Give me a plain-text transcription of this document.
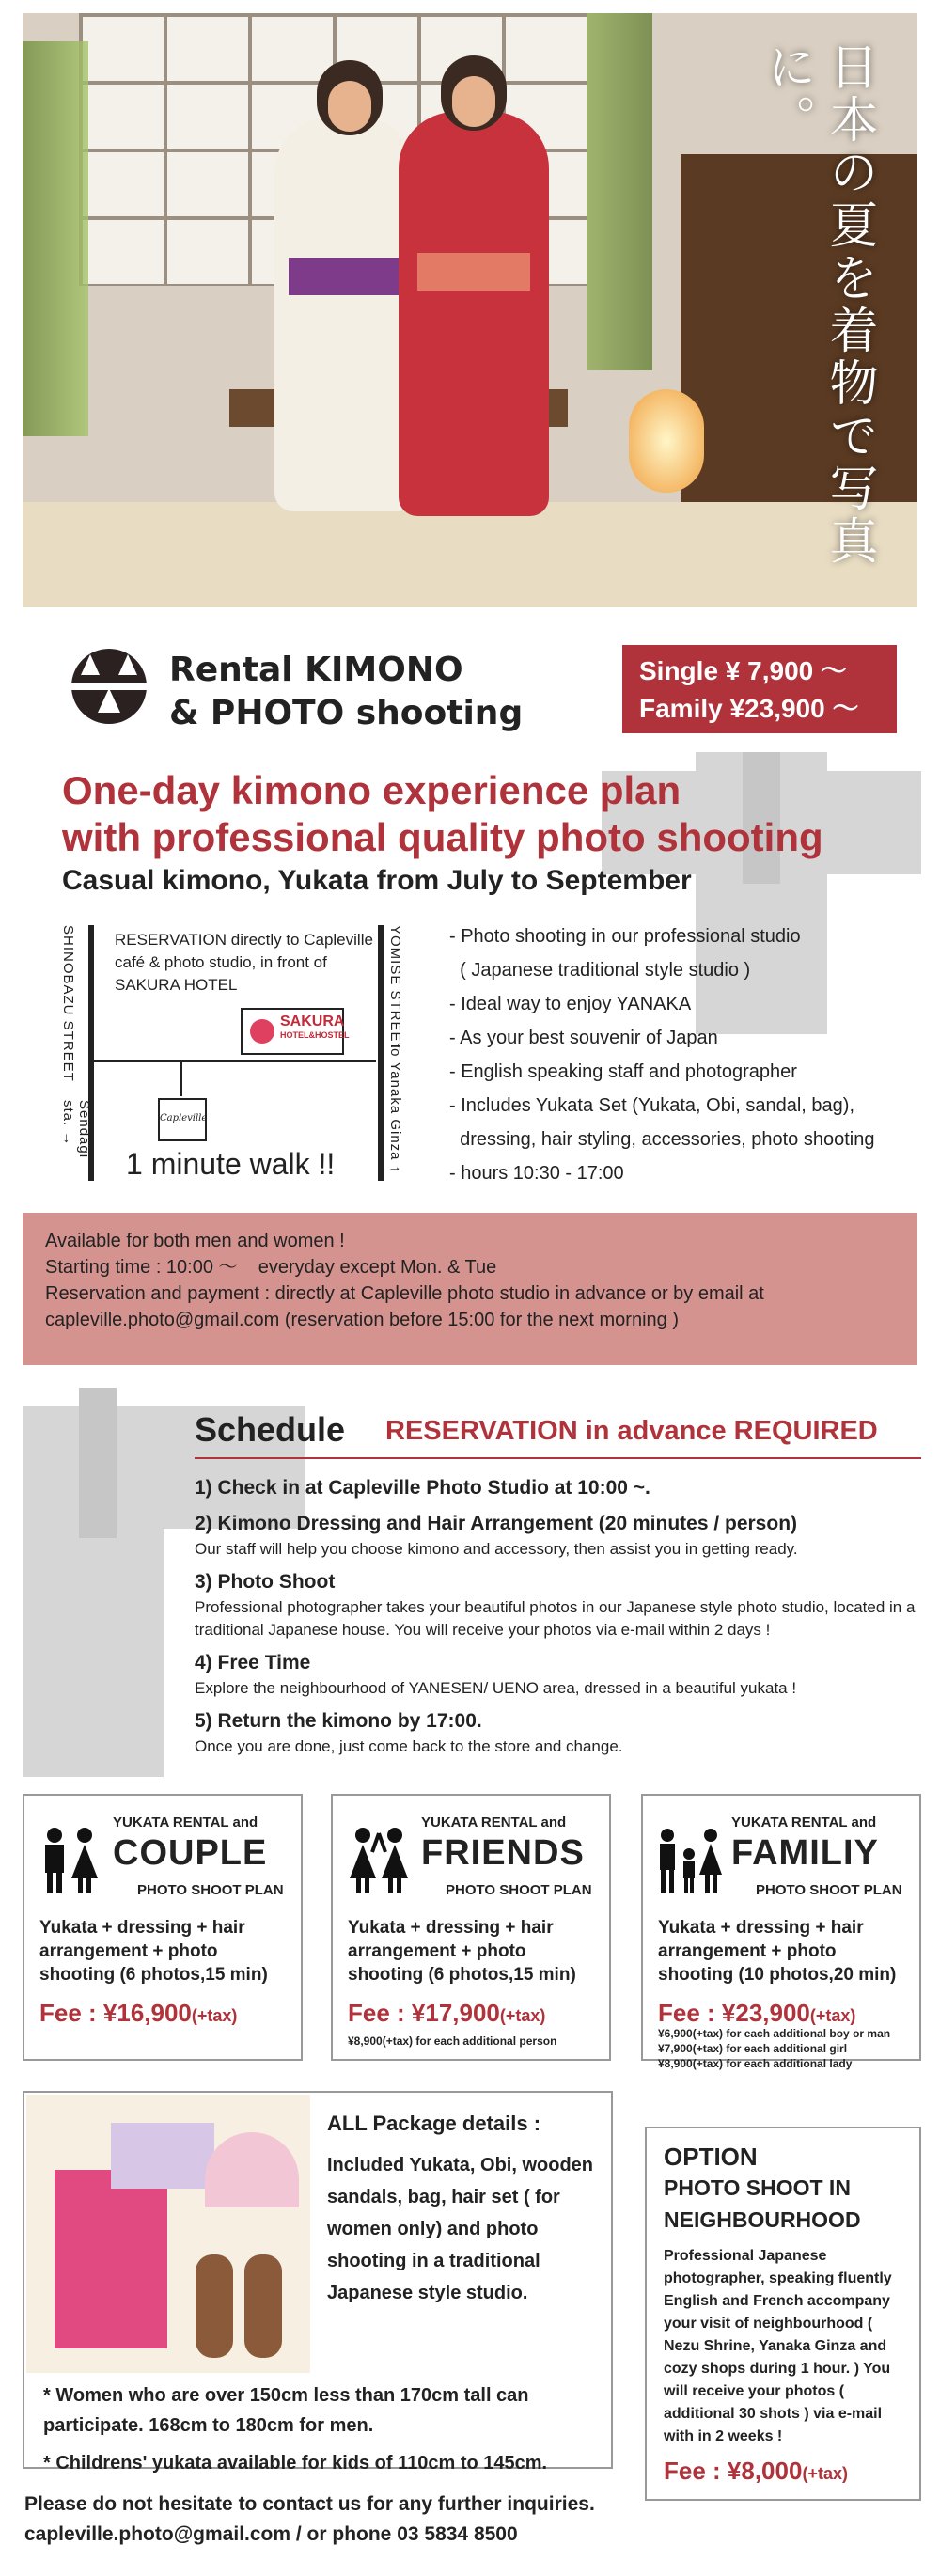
日本の夏を着物で写真に。
Rental KIMONO
& PHOTO shooting
Single ¥ 7,900 〜
Family ¥23,900 〜
One-day kimono experience plan
with professional quality photo shooting
Casual kimono, Yukata from July to September
SHINOBAZU STREET
Sendagi sta. →
YOMISE STREET
to Yanaka Ginza ↑
RESERVATION directly to Capleville café & photo studio, in front of SAKURA HOTEL
SAKURA
HOTEL&HOSTEL
Capleville
1 minute walk !!
- Photo shooting in our professional studio
( Japanese traditional style studio )
- Ideal way to enjoy YANAKA
- As your best souvenir of Japan
- English speaking staff and photographer
- Includes Yukata Set (Yukata, Obi, sandal, bag),
dressing, hair styling, accessories, photo shooting
- hours 10:30 - 17:00
Available for both men and women !
Starting time : 10:00 〜    everyday except Mon. & Tue
Reservation and payment : directly at Capleville photo studio in advance or by email at
capleville.photo@gmail.com (reservation before 15:00 for the next morning )
Schedule RESERVATION in advance REQUIRED
1) Check in at Capleville Photo Studio at 10:00 ~.
2) Kimono Dressing and Hair Arrangement (20 minutes / person)
Our staff will help you choose kimono and accessory, then assist you in getting ready.
3) Photo Shoot
Professional photographer takes your beautiful photos in our Japanese style photo studio, located in a traditional Japanese house. You will receive your photos via e-mail within 2 days !
4) Free Time
Explore the neighbourhood of YANESEN/ UENO area, dressed in a beautiful yukata !
5) Return the kimono by 17:00.
Once you are done, just come back to the store and change.
YUKATA RENTAL and
COUPLE
PHOTO SHOOT PLAN
Yukata + dressing + hair arrangement + photo shooting (6 photos,15 min)
Fee : ¥16,900(+tax)
YUKATA RENTAL and
FRIENDS
PHOTO SHOOT PLAN
Yukata + dressing + hair arrangement + photo shooting (6 photos,15 min)
Fee : ¥17,900(+tax)
¥8,900(+tax) for each additional person
YUKATA RENTAL and
FAMILIY
PHOTO SHOOT PLAN
Yukata + dressing + hair arrangement + photo shooting (10 photos,20 min)
Fee : ¥23,900(+tax)
¥6,900(+tax) for each additional boy or man
¥7,900(+tax) for each additional girl
¥8,900(+tax) for each additional lady
ALL Package details :
Included Yukata, Obi, wooden sandals, bag, hair set ( for women only) and photo shooting in a traditional Japanese style studio.
* Women who are over 150cm less than 170cm tall can participate. 168cm to 180cm for men.
* Childrens' yukata available for kids of 110cm to 145cm.
OPTION
PHOTO SHOOT IN NEIGHBOURHOOD
Professional Japanese photographer, speaking fluently English and French accompany your visit of neighbourhood ( Nezu Shrine, Yanaka Ginza and cozy shops during 1 hour. ) You will receive your photos ( additional 30 shots ) via e-mail with in 2 weeks !
Fee : ¥8,000(+tax)
Please do not hesitate to contact us for any further inquiries.
capleville.photo@gmail.com / or phone 03 5834 8500
